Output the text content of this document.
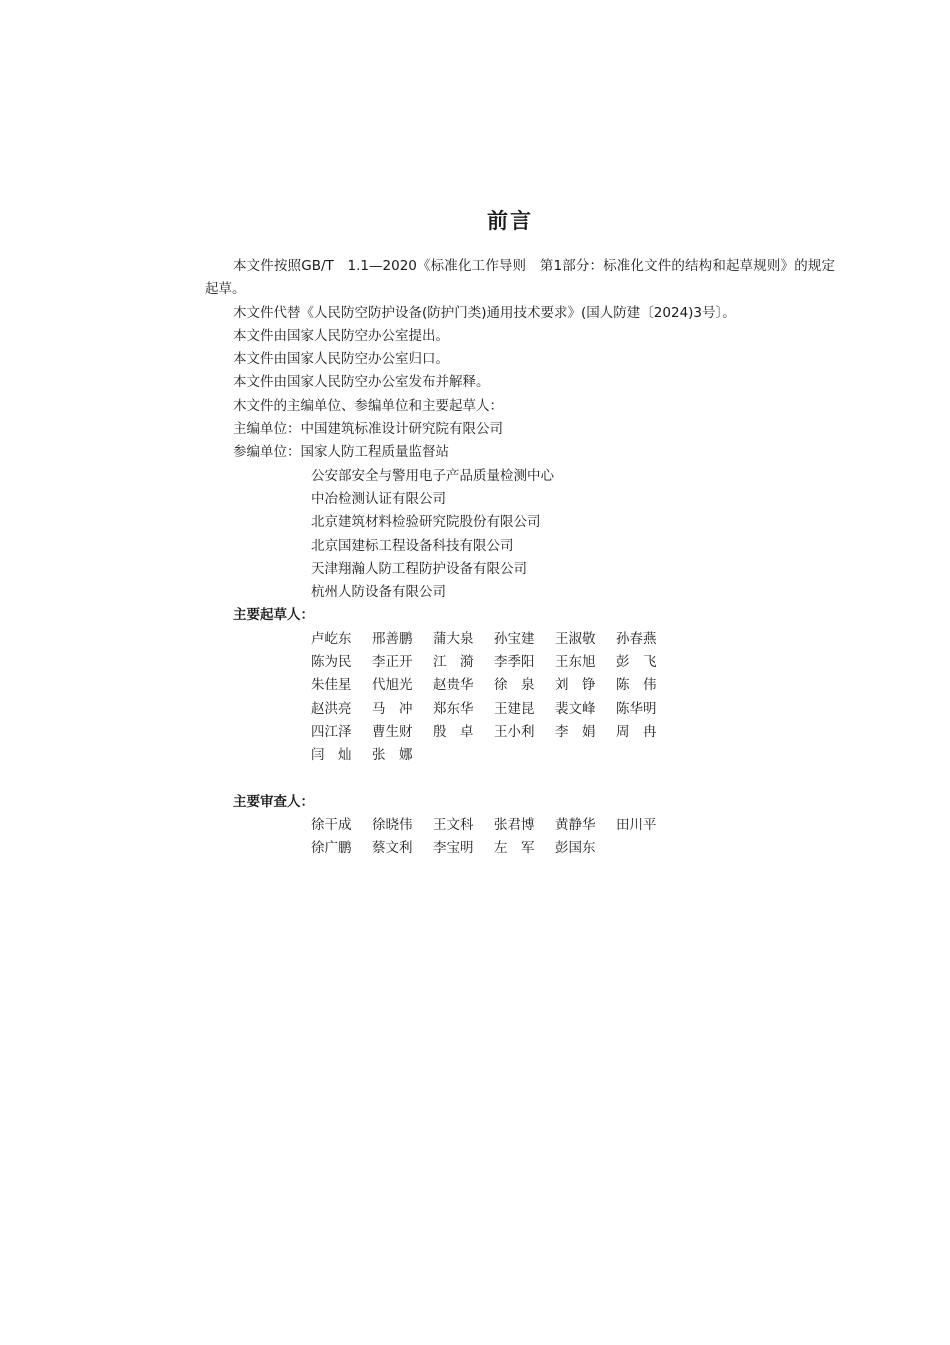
前言

本文件按照GB/T　1.1—2020《标准化工作导则　第1部分：标准化文件的结构和起草规则》的规定起草。

木文件代替《人民防空防护设备(防护门类)通用技术要求》(国人防建〔2024)3号〕。

本文件由国家人民防空办公室提出。

本文件由国家人民防空办公室归口。

本文件由国家人民防空办公室发布并解释。

木文件的主编单位、参编单位和主要起草人：

主编单位：中国建筑标准设计研究院有限公司

参编单位：国家人防工程质量监督站

公安部安全与警用电子产品质量检测中心

中冶检测认证有限公司

北京建筑材料检验研究院股份有限公司

北京国建标工程设备科技有限公司

天津翔瀚人防工程防护设备有限公司

杭州人防设备有限公司

主要起草人：

卢屹东	邢善鹏	蒲大泉	孙宝建	王淑敬	孙春燕
陈为民	李正开	江　漪	李季阳	王东旭	彭　飞
朱佳星	代旭光	赵贵华	徐　泉	刘　铮	陈　伟
赵洪亮	马　冲	郑东华	王建昆	裴文峰	陈华明
四江泽	曹生财	殷　卓	王小利	李　娟	周　冉
闫　灿	张　娜

主要审查人：

徐干成	徐晓伟	王文科	张君博	黄静华	田川平
徐广鹏	蔡文利	李宝明	左　军	彭国东
